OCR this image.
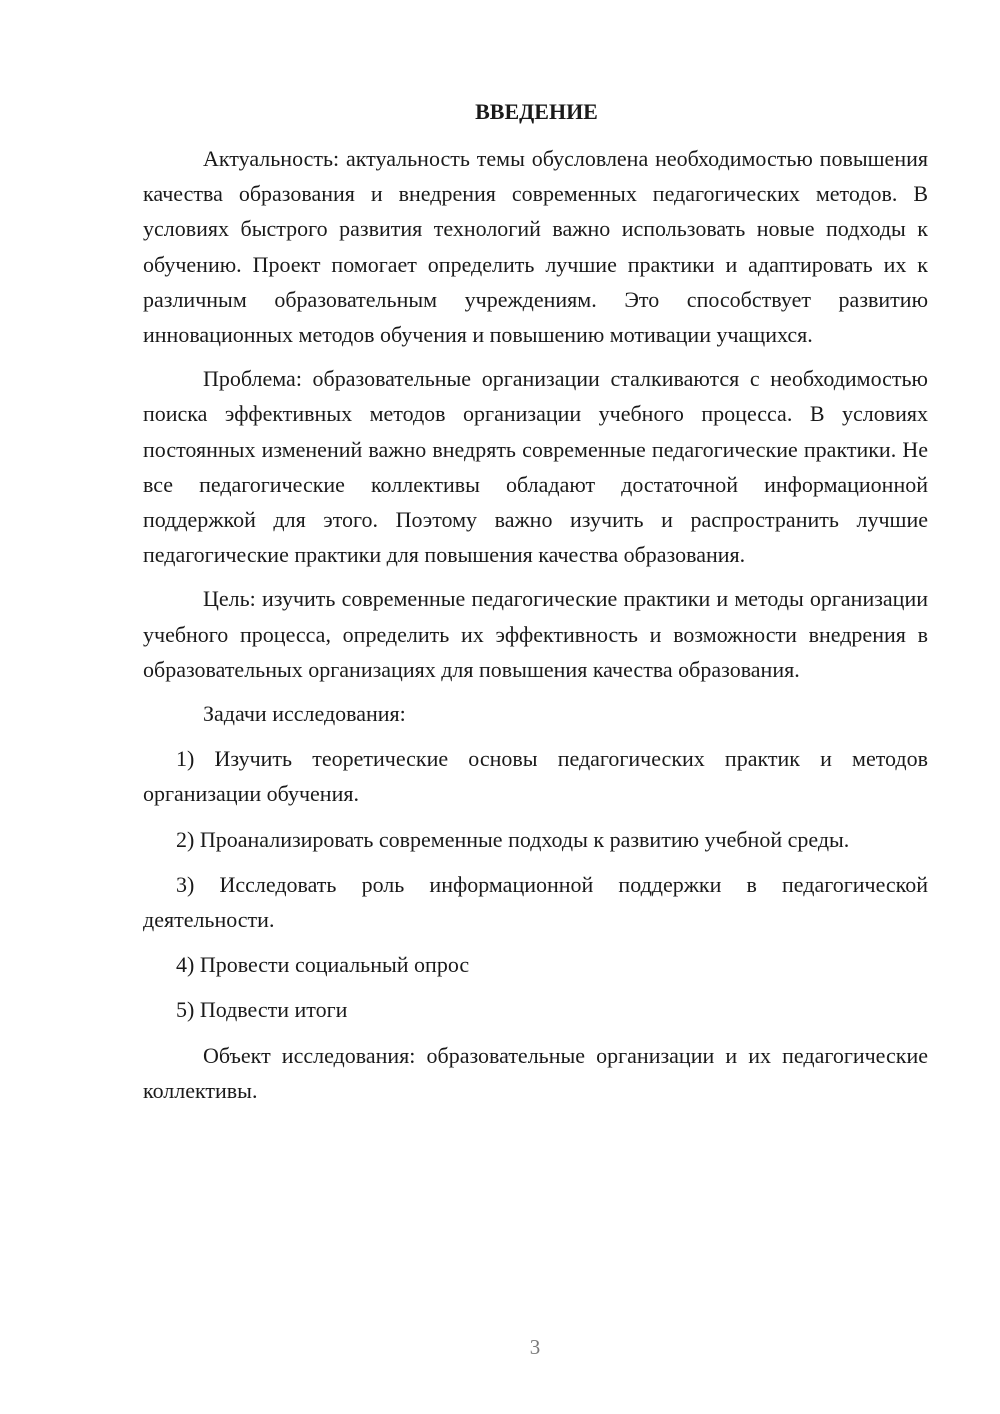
ВВЕДЕНИЕ

Актуальность: актуальность темы обусловлена необходимостью повышения качества образования и внедрения современных педагогических методов. В условиях быстрого развития технологий важно использовать новые подходы к обучению. Проект помогает определить лучшие практики и адаптировать их к различным образовательным учреждениям. Это способствует развитию инновационных методов обучения и повышению мотивации учащихся.

Проблема: образовательные организации сталкиваются с необходимостью поиска эффективных методов организации учебного процесса. В условиях постоянных изменений важно внедрять современные педагогические практики. Не все педагогические коллективы обладают достаточной информационной поддержкой для этого. Поэтому важно изучить и распространить лучшие педагогические практики для повышения качества образования.

Цель: изучить современные педагогические практики и методы организации учебного процесса, определить их эффективность и возможности внедрения в образовательных организациях для повышения качества образования.

Задачи исследования:

1) Изучить теоретические основы педагогических практик и методов организации обучения.

2) Проанализировать современные подходы к развитию учебной среды.

3) Исследовать роль информационной поддержки в педагогической деятельности.

4) Провести социальный опрос

5) Подвести итоги

Объект исследования: образовательные организации и их педагогические коллективы.

3
